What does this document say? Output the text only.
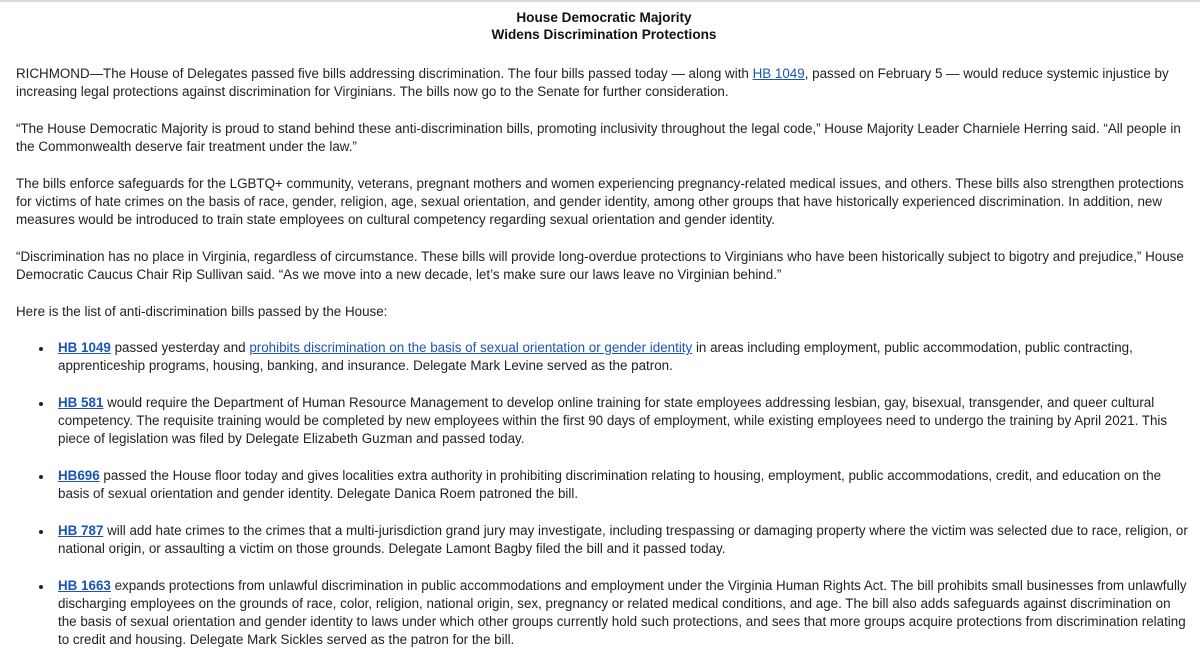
House Democratic Majority
Widens Discrimination Protections

RICHMOND—The House of Delegates passed five bills addressing discrimination. The four bills passed today — along with HB 1049, passed on February 5 — would reduce systemic injustice by increasing legal protections against discrimination for Virginians. The bills now go to the Senate for further consideration.

“The House Democratic Majority is proud to stand behind these anti-discrimination bills, promoting inclusivity throughout the legal code,” House Majority Leader Charniele Herring said. “All people in the Commonwealth deserve fair treatment under the law.”

The bills enforce safeguards for the LGBTQ+ community, veterans, pregnant mothers and women experiencing pregnancy-related medical issues, and others. These bills also strengthen protections for victims of hate crimes on the basis of race, gender, religion, age, sexual orientation, and gender identity, among other groups that have historically experienced discrimination. In addition, new measures would be introduced to train state employees on cultural competency regarding sexual orientation and gender identity.

“Discrimination has no place in Virginia, regardless of circumstance. These bills will provide long-overdue protections to Virginians who have been historically subject to bigotry and prejudice,” House Democratic Caucus Chair Rip Sullivan said. “As we move into a new decade, let’s make sure our laws leave no Virginian behind.”

Here is the list of anti-discrimination bills passed by the House:

• HB 1049 passed yesterday and prohibits discrimination on the basis of sexual orientation or gender identity in areas including employment, public accommodation, public contracting, apprenticeship programs, housing, banking, and insurance. Delegate Mark Levine served as the patron.
• HB 581 would require the Department of Human Resource Management to develop online training for state employees addressing lesbian, gay, bisexual, transgender, and queer cultural competency. The requisite training would be completed by new employees within the first 90 days of employment, while existing employees need to undergo the training by April 2021. This piece of legislation was filed by Delegate Elizabeth Guzman and passed today.
• HB696 passed the House floor today and gives localities extra authority in prohibiting discrimination relating to housing, employment, public accommodations, credit, and education on the basis of sexual orientation and gender identity. Delegate Danica Roem patroned the bill.
• HB 787 will add hate crimes to the crimes that a multi-jurisdiction grand jury may investigate, including trespassing or damaging property where the victim was selected due to race, religion, or national origin, or assaulting a victim on those grounds. Delegate Lamont Bagby filed the bill and it passed today.
• HB 1663 expands protections from unlawful discrimination in public accommodations and employment under the Virginia Human Rights Act. The bill prohibits small businesses from unlawfully discharging employees on the grounds of race, color, religion, national origin, sex, pregnancy or related medical conditions, and age. The bill also adds safeguards against discrimination on the basis of sexual orientation and gender identity to laws under which other groups currently hold such protections, and sees that more groups acquire protections from discrimination relating to credit and housing. Delegate Mark Sickles served as the patron for the bill.
